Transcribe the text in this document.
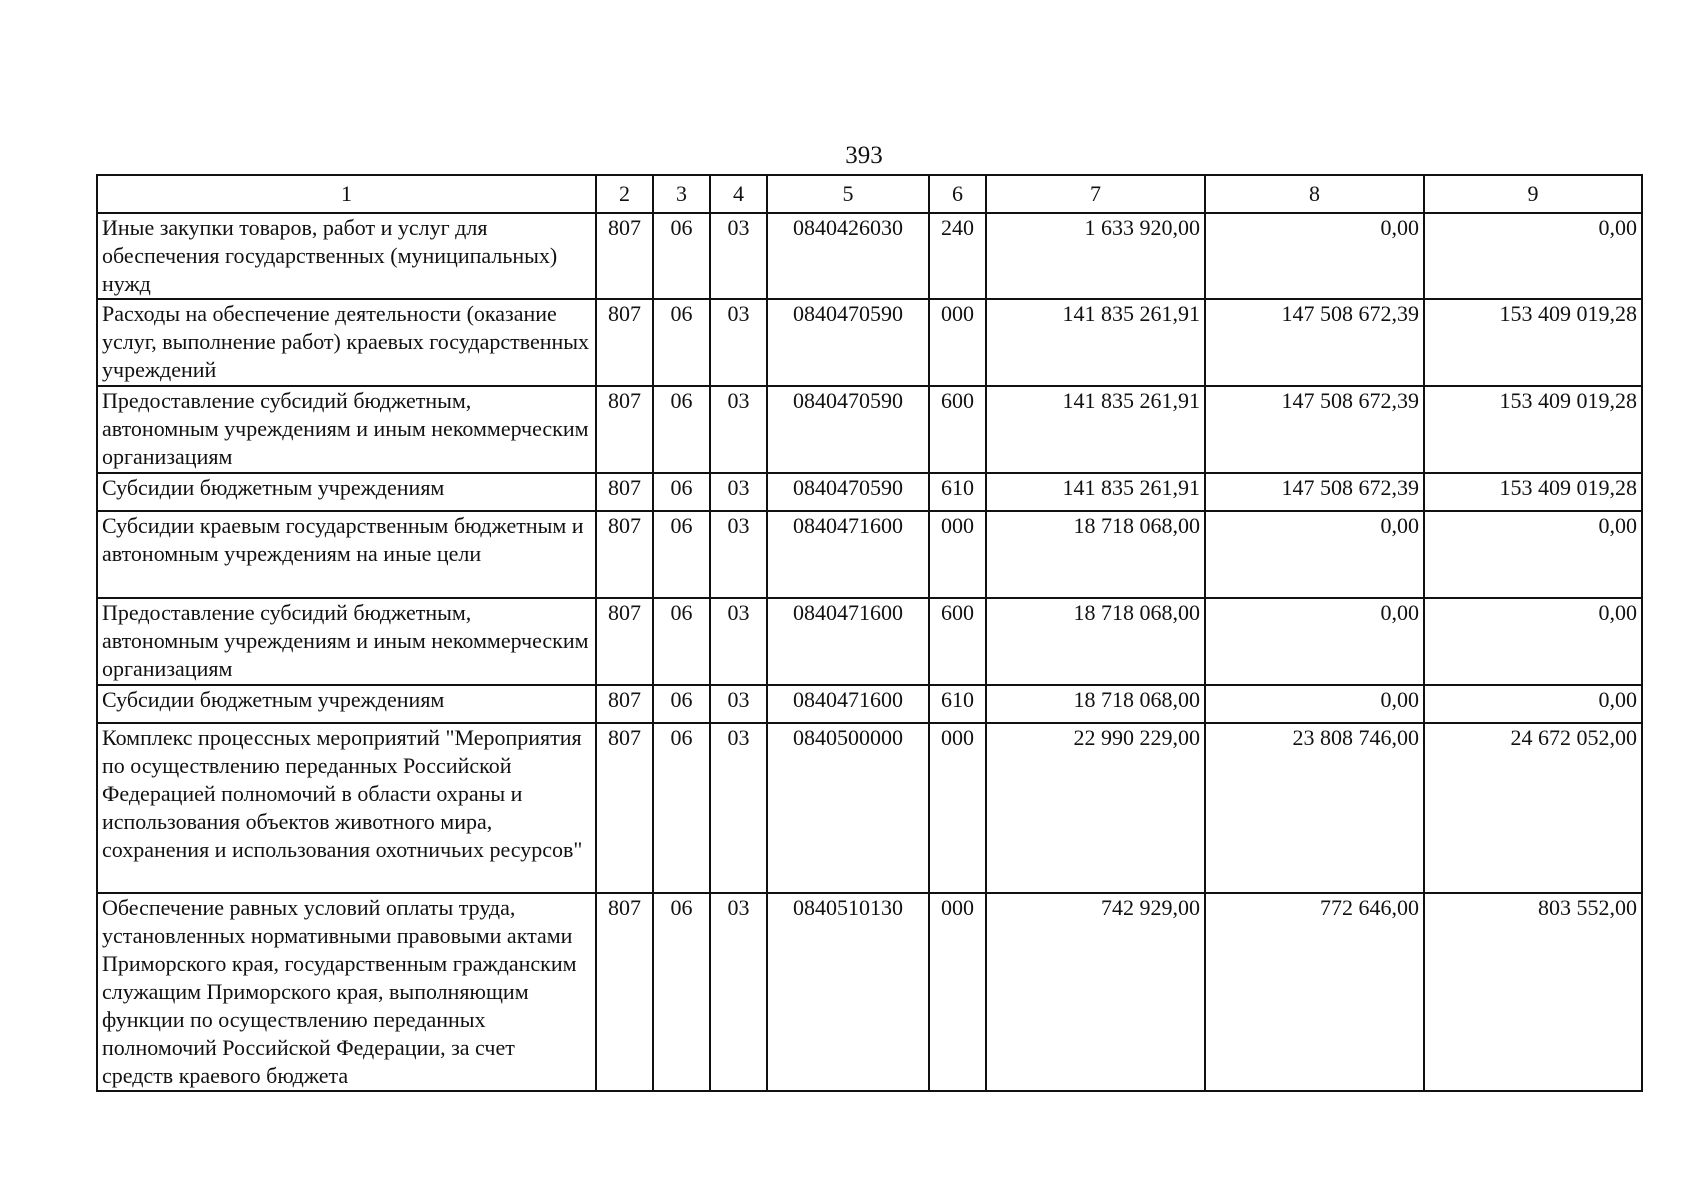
393
1	2	3	4	5	6	7	8	9
Иные закупки товаров, работ и услуг для обеспечения государственных (муниципальных) нужд	807	06	03	0840426030	240	1 633 920,00	0,00	0,00
Расходы на обеспечение деятельности (оказание услуг, выполнение работ) краевых государственных учреждений	807	06	03	0840470590	000	141 835 261,91	147 508 672,39	153 409 019,28
Предоставление субсидий бюджетным, автономным учреждениям и иным некоммерческим организациям	807	06	03	0840470590	600	141 835 261,91	147 508 672,39	153 409 019,28
Субсидии бюджетным учреждениям	807	06	03	0840470590	610	141 835 261,91	147 508 672,39	153 409 019,28
Субсидии краевым государственным бюджетным и автономным учреждениям на иные цели	807	06	03	0840471600	000	18 718 068,00	0,00	0,00
Предоставление субсидий бюджетным, автономным учреждениям и иным некоммерческим организациям	807	06	03	0840471600	600	18 718 068,00	0,00	0,00
Субсидии бюджетным учреждениям	807	06	03	0840471600	610	18 718 068,00	0,00	0,00
Комплекс процессных мероприятий "Мероприятия по осуществлению переданных Российской Федерацией полномочий в области охраны и использования объектов животного мира, сохранения и использования охотничьих ресурсов"	807	06	03	0840500000	000	22 990 229,00	23 808 746,00	24 672 052,00
Обеспечение равных условий оплаты труда, установленных нормативными правовыми актами Приморского края, государственным гражданским служащим Приморского края, выполняющим функции по осуществлению переданных полномочий Российской Федерации, за счет средств краевого бюджета	807	06	03	0840510130	000	742 929,00	772 646,00	803 552,00
